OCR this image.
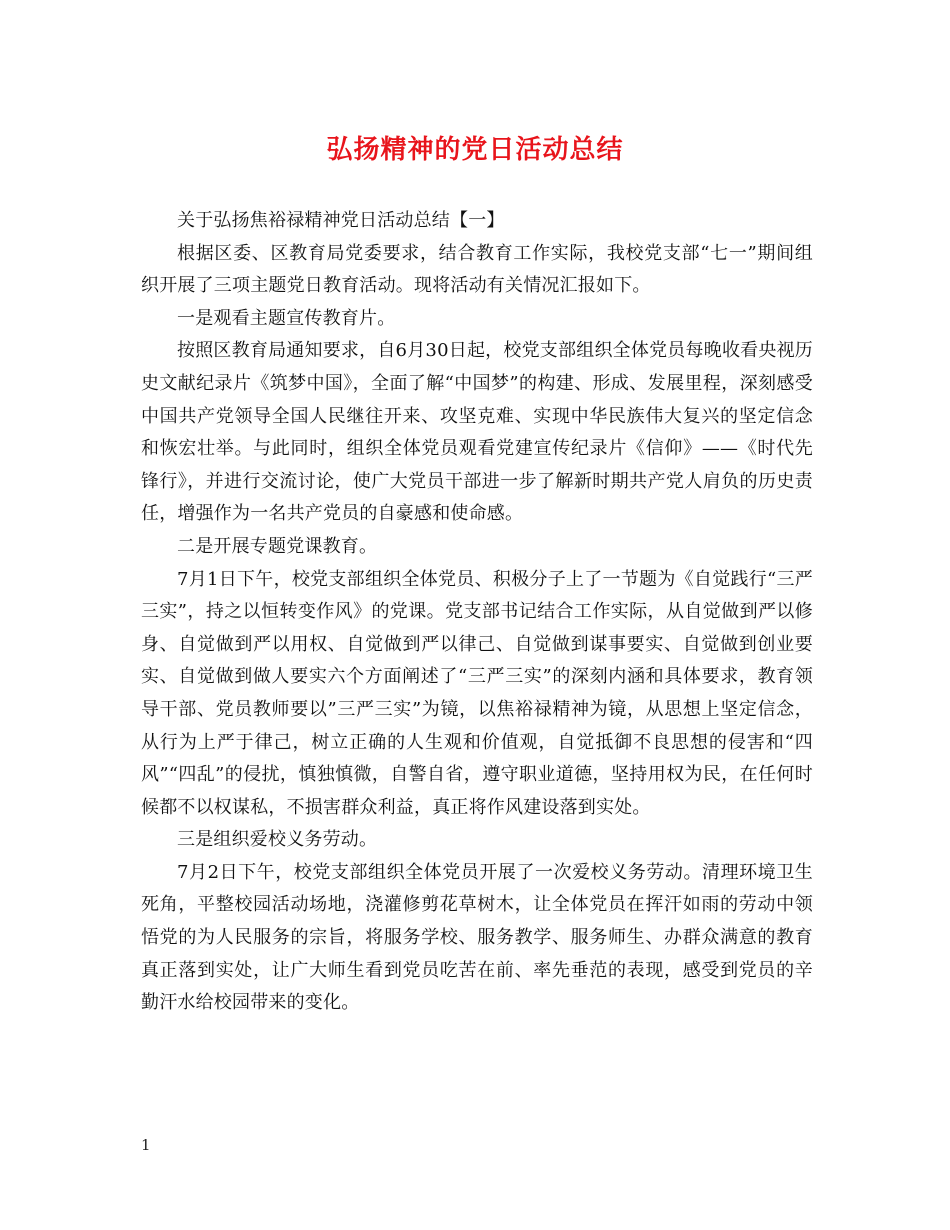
弘扬精神的党日活动总结

关于弘扬焦裕禄精神党日活动总结【一】

根据区委、区教育局党委要求，结合教育工作实际，我校党支部“七一”期间组织开展了三项主题党日教育活动。现将活动有关情况汇报如下。

一是观看主题宣传教育片。

按照区教育局通知要求，自6月30日起，校党支部组织全体党员每晚收看央视历史文献纪录片《筑梦中国》，全面了解“中国梦”的构建、形成、发展里程，深刻感受中国共产党领导全国人民继往开来、攻坚克难、实现中华民族伟大复兴的坚定信念和恢宏壮举。与此同时，组织全体党员观看党建宣传纪录片《信仰》——《时代先锋行》，并进行交流讨论，使广大党员干部进一步了解新时期共产党人肩负的历史责任，增强作为一名共产党员的自豪感和使命感。

二是开展专题党课教育。

7月1日下午，校党支部组织全体党员、积极分子上了一节题为《自觉践行“三严三实”，持之以恒转变作风》的党课。党支部书记结合工作实际，从自觉做到严以修身、自觉做到严以用权、自觉做到严以律己、自觉做到谋事要实、自觉做到创业要实、自觉做到做人要实六个方面阐述了“三严三实”的深刻内涵和具体要求，教育领导干部、党员教师要以”三严三实”为镜，以焦裕禄精神为镜，从思想上坚定信念，从行为上严于律己，树立正确的人生观和价值观，自觉抵御不良思想的侵害和“四风”“四乱”的侵扰，慎独慎微，自警自省，遵守职业道德，坚持用权为民，在任何时候都不以权谋私，不损害群众利益，真正将作风建设落到实处。

三是组织爱校义务劳动。

7月2日下午，校党支部组织全体党员开展了一次爱校义务劳动。清理环境卫生死角，平整校园活动场地，浇灌修剪花草树木，让全体党员在挥汗如雨的劳动中领悟党的为人民服务的宗旨，将服务学校、服务教学、服务师生、办群众满意的教育真正落到实处，让广大师生看到党员吃苦在前、率先垂范的表现，感受到党员的辛勤汗水给校园带来的变化。

1
